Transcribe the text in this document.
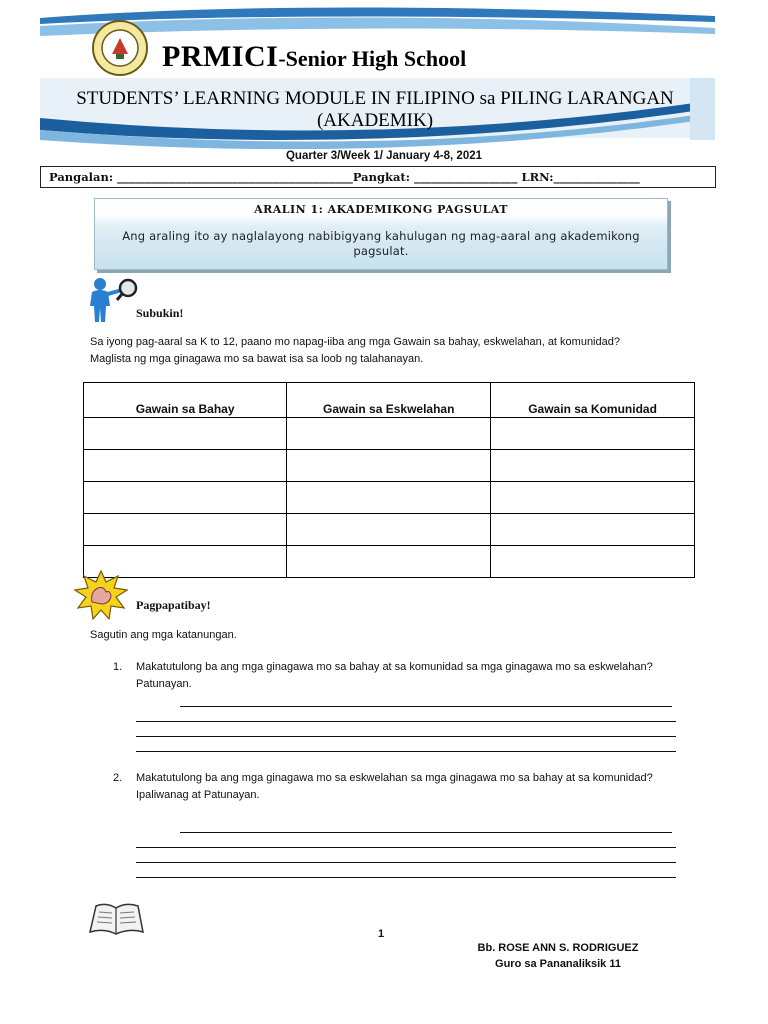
PRMICI-Senior High School
STUDENTS’ LEARNING MODULE IN FILIPINO sa PILING LARANGAN (AKADEMIK)
Quarter 3/Week 1/ January 4-8, 2021
Pangalan: _________________________________________Pangkat: __________________ LRN:_______________
ARALIN 1: AKADEMIKONG PAGSULAT
Ang araling ito ay naglalayong nabibigyang kahulugan ng mag-aaral ang akademikong pagsulat.
Subukin!
Sa iyong pag-aaral sa K to 12, paano mo napag-iiba ang mga Gawain sa bahay, eskwelahan, at komunidad? Maglista ng mga ginagawa mo sa bawat isa sa loob ng talahanayan.
Gawain sa Bahay	Gawain sa Eskwelahan	Gawain sa Komunidad

Pagpapatibay!
Sagutin ang mga katanungan.
1. Makatutulong ba ang mga ginagawa mo sa bahay at sa komunidad sa mga ginagawa mo sa eskwelahan? Patunayan.
2. Makatutulong ba ang mga ginagawa mo sa eskwelahan sa mga ginagawa mo sa bahay at sa komunidad? Ipaliwanag at Patunayan.
1
Bb. ROSE ANN S. RODRIGUEZ
Guro sa Pananaliksik 11
